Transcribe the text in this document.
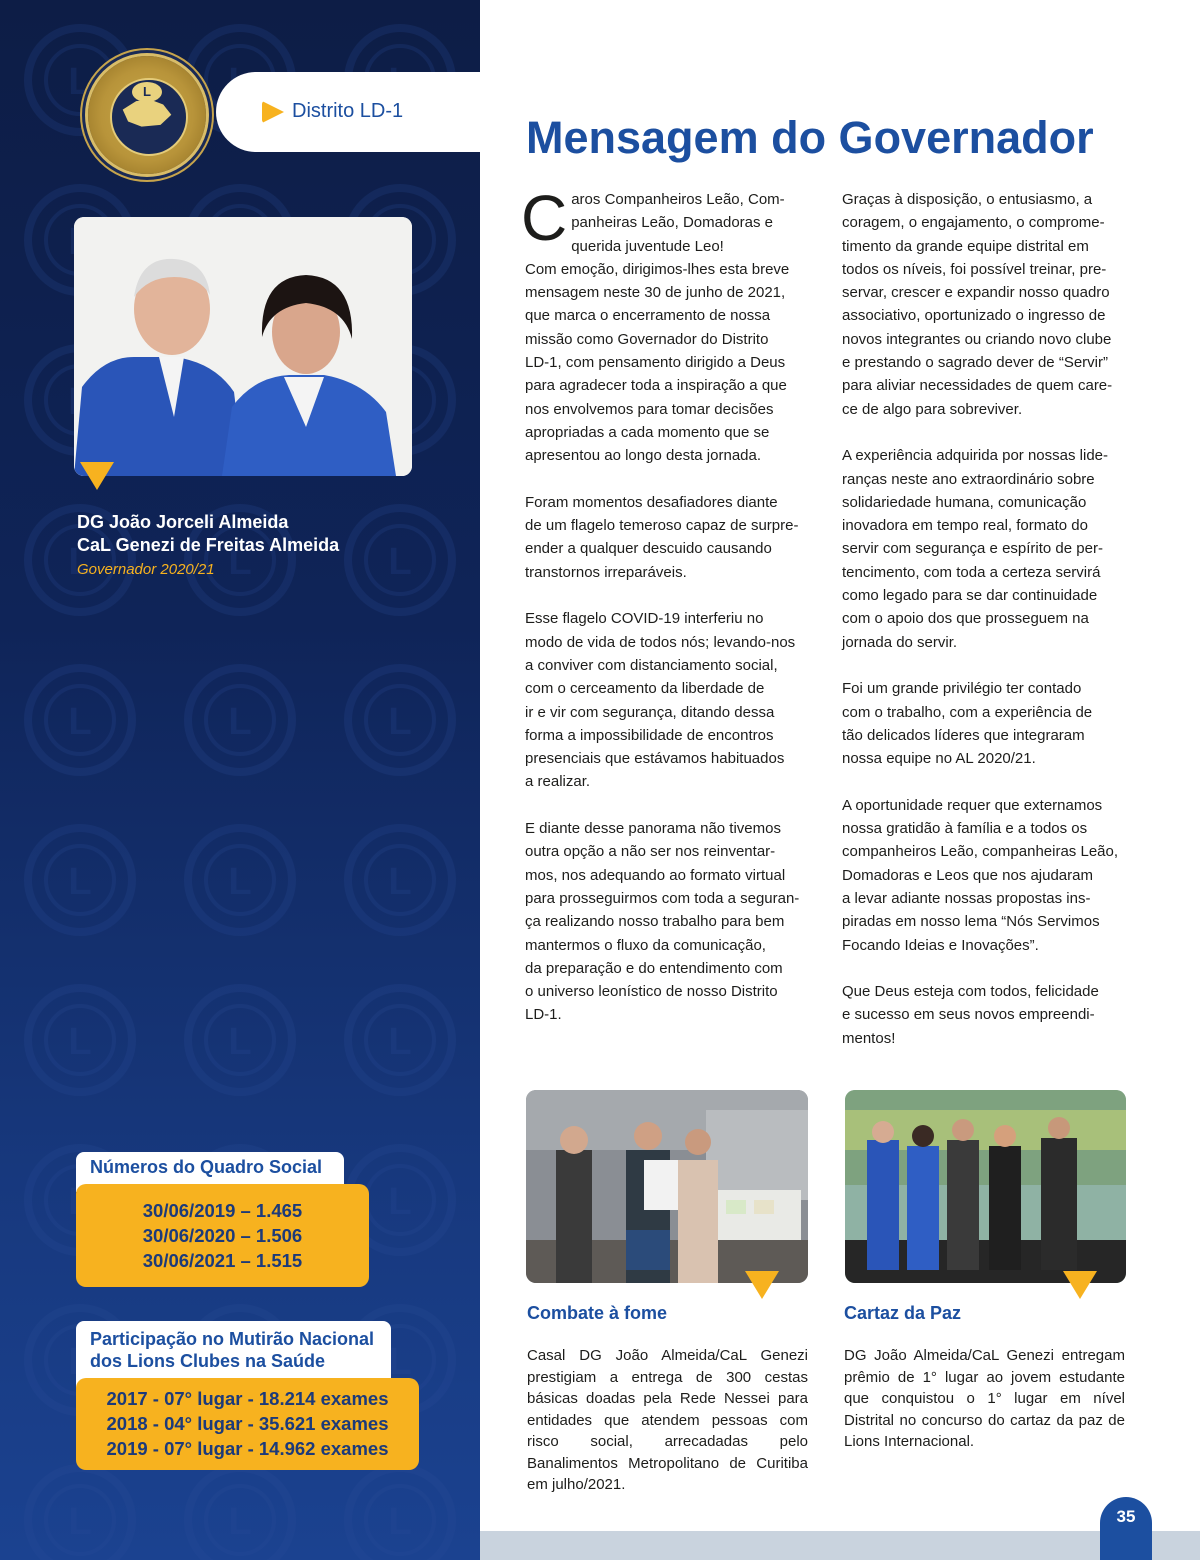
L
DG João Jorceli Almeida
CaL Genezi de Freitas Almeida
Governador 2020/21
Números do Quadro Social
30/06/2019 – 1.465
30/06/2020 – 1.506
30/06/2021 – 1.515
Participação no Mutirão Nacional
dos Lions Clubes na Saúde
2017 - 07° lugar - 18.214 exames
2018 - 04° lugar - 35.621 exames
2019 - 07° lugar - 14.962 exames
Distrito LD-1
Mensagem do Governador

C aros Companheiros Leão, Com-
panheiras Leão, Domadoras e
querida juventude Leo!
Com emoção, dirigimos-lhes esta breve
mensagem neste 30 de junho de 2021,
que marca o encerramento de nossa
missão como Governador do Distrito
LD-1, com pensamento dirigido a Deus
para agradecer toda a inspiração a que
nos envolvemos para tomar decisões
apropriadas a cada momento que se
apresentou ao longo desta jornada.

Foram momentos desafiadores diante
de um flagelo temeroso capaz de surpre-
ender a qualquer descuido causando
transtornos irreparáveis.

Esse flagelo COVID-19 interferiu no
modo de vida de todos nós; levando-nos
a conviver com distanciamento social,
com o cerceamento da liberdade de
ir e vir com segurança, ditando dessa
forma a impossibilidade de encontros
presenciais que estávamos habituados
a realizar.

E diante desse panorama não tivemos
outra opção a não ser nos reinventar-
mos, nos adequando ao formato virtual
para prosseguirmos com toda a seguran-
ça realizando nosso trabalho para bem
mantermos o fluxo da comunicação,
da preparação e do entendimento com
o universo leonístico de nosso Distrito
LD-1.

Graças à disposição, o entusiasmo, a
coragem, o engajamento, o comprome-
timento da grande equipe distrital em
todos os níveis, foi possível treinar, pre-
servar, crescer e expandir nosso quadro
associativo, oportunizado o ingresso de
novos integrantes ou criando novo clube
e prestando o sagrado dever de “Servir”
para aliviar necessidades de quem care-
ce de algo para sobreviver.

A experiência adquirida por nossas lide-
ranças neste ano extraordinário sobre
solidariedade humana, comunicação
inovadora em tempo real, formato do
servir com segurança e espírito de per-
tencimento, com toda a certeza servirá
como legado para se dar continuidade
com o apoio dos que prosseguem na
jornada do servir.

Foi um grande privilégio ter contado
com o trabalho, com a experiência de
tão delicados líderes que integraram
nossa equipe no AL 2020/21.

A oportunidade requer que externamos
nossa gratidão à família e a todos os
companheiros Leão, companheiras Leão,
Domadoras e Leos que nos ajudaram
a levar adiante nossas propostas ins-
piradas em nosso lema “Nós Servimos
Focando Ideias e Inovações”.

Que Deus esteja com todos, felicidade
e sucesso em seus novos empreendi-
mentos!

Combate à fome
Casal DG João Almeida/CaL Genezi prestigiam a entrega de 300 cestas básicas doadas pela Rede Nessei para entidades que atendem pessoas com risco social, arrecadadas pelo Banalimentos Metropolitano de Curitiba em julho/2021.
Cartaz da Paz
DG João Almeida/CaL Genezi entregam prêmio de 1° lugar ao jovem estudante que conquistou o 1° lugar em nível Distrital no concurso do cartaz da paz de Lions Internacional.
35
